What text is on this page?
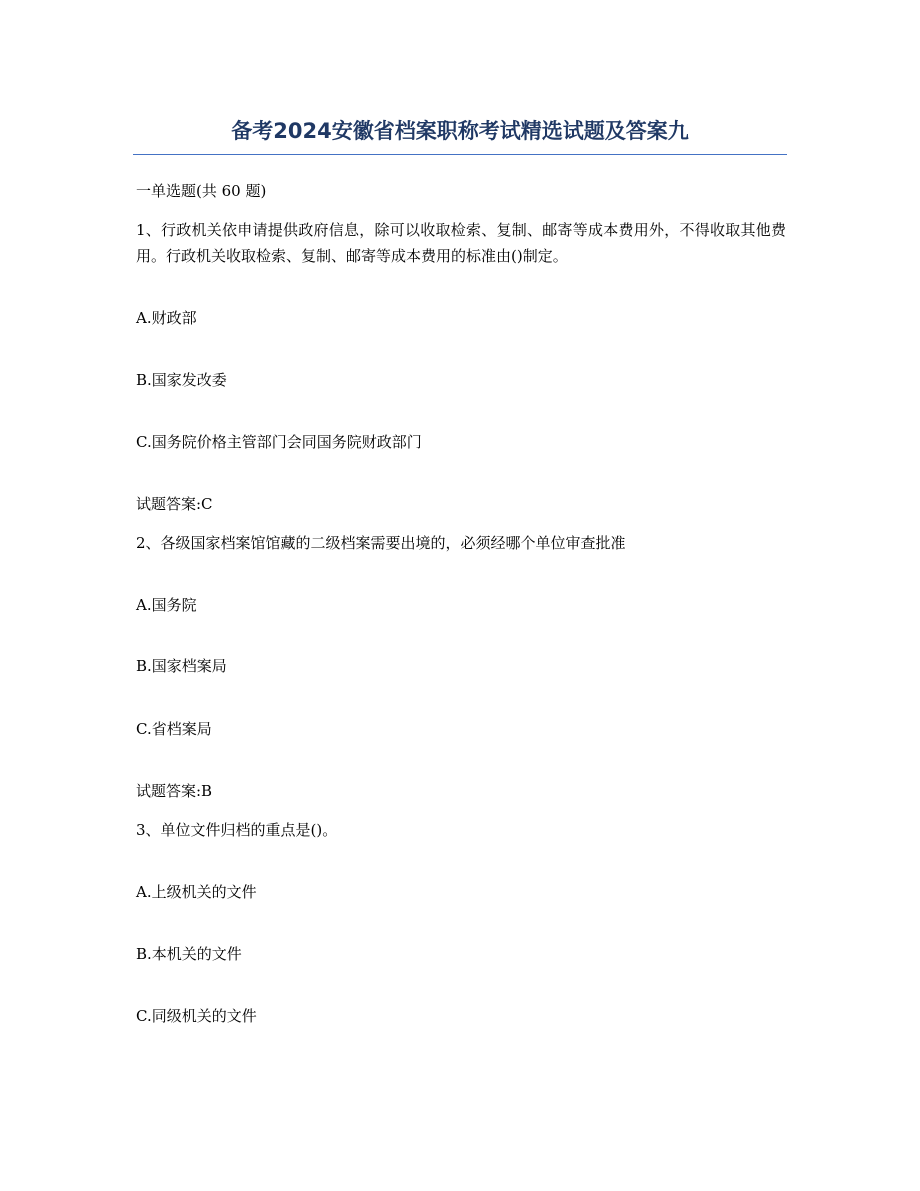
备考2024安徽省档案职称考试精选试题及答案九
一单选题(共 60 题)
1、行政机关依申请提供政府信息，除可以收取检索、复制、邮寄等成本费用外，不得收取其他费用。行政机关收取检索、复制、邮寄等成本费用的标准由()制定。
A.财政部
B.国家发改委
C.国务院价格主管部门会同国务院财政部门
试题答案:C
2、各级国家档案馆馆藏的二级档案需要出境的，必须经哪个单位审查批准
A.国务院
B.国家档案局
C.省档案局
试题答案:B
3、单位文件归档的重点是()。
A.上级机关的文件
B.本机关的文件
C.同级机关的文件
